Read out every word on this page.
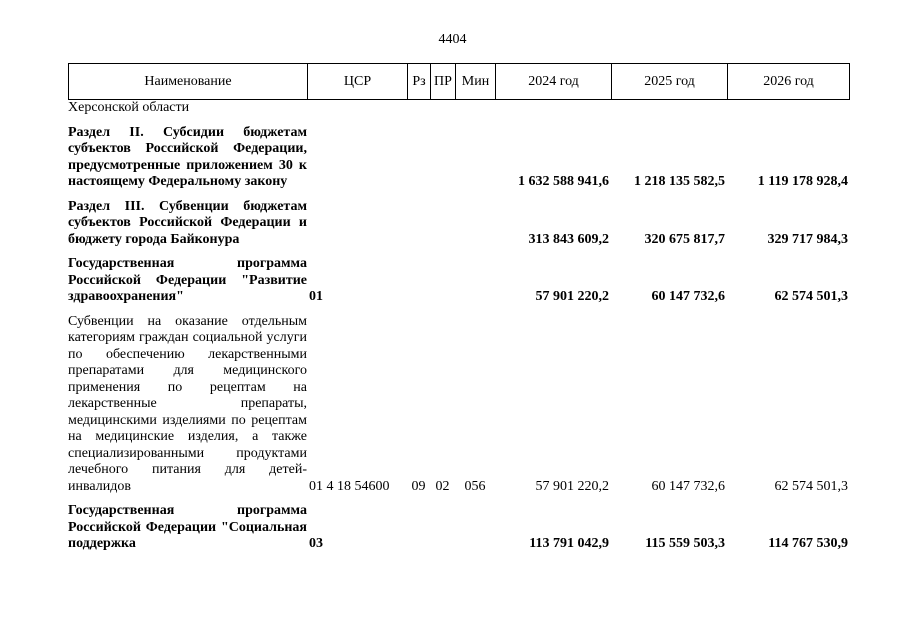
4404
Наименование	ЦСР	Рз ПР Мин	2024 год	2025 год	2026 год
Херсонской области
Раздел II. Субсидии бюджетам субъектов Российской Федерации, предусмотренные приложением 30 к настоящему Федеральному закону	1 632 588 941,6	1 218 135 582,5	1 119 178 928,4
Раздел III. Субвенции бюджетам субъектов Российской Федерации и бюджету города Байконура	313 843 609,2	320 675 817,7	329 717 984,3
Государственная программа Российской Федерации "Развитие здравоохранения"	01	57 901 220,2	60 147 732,6	62 574 501,3
Субвенции на оказание отдельным категориям граждан социальной услуги по обеспечению лекарственными препаратами для медицинского применения по рецептам на лекарственные препараты, медицинскими изделиями по рецептам на медицинские изделия, а также специализированными продуктами лечебного питания для детей-инвалидов	01 4 18 54600	09 02	056	57 901 220,2	60 147 732,6	62 574 501,3
Государственная программа Российской Федерации "Социальная поддержка	03	113 791 042,9	115 559 503,3	114 767 530,9
